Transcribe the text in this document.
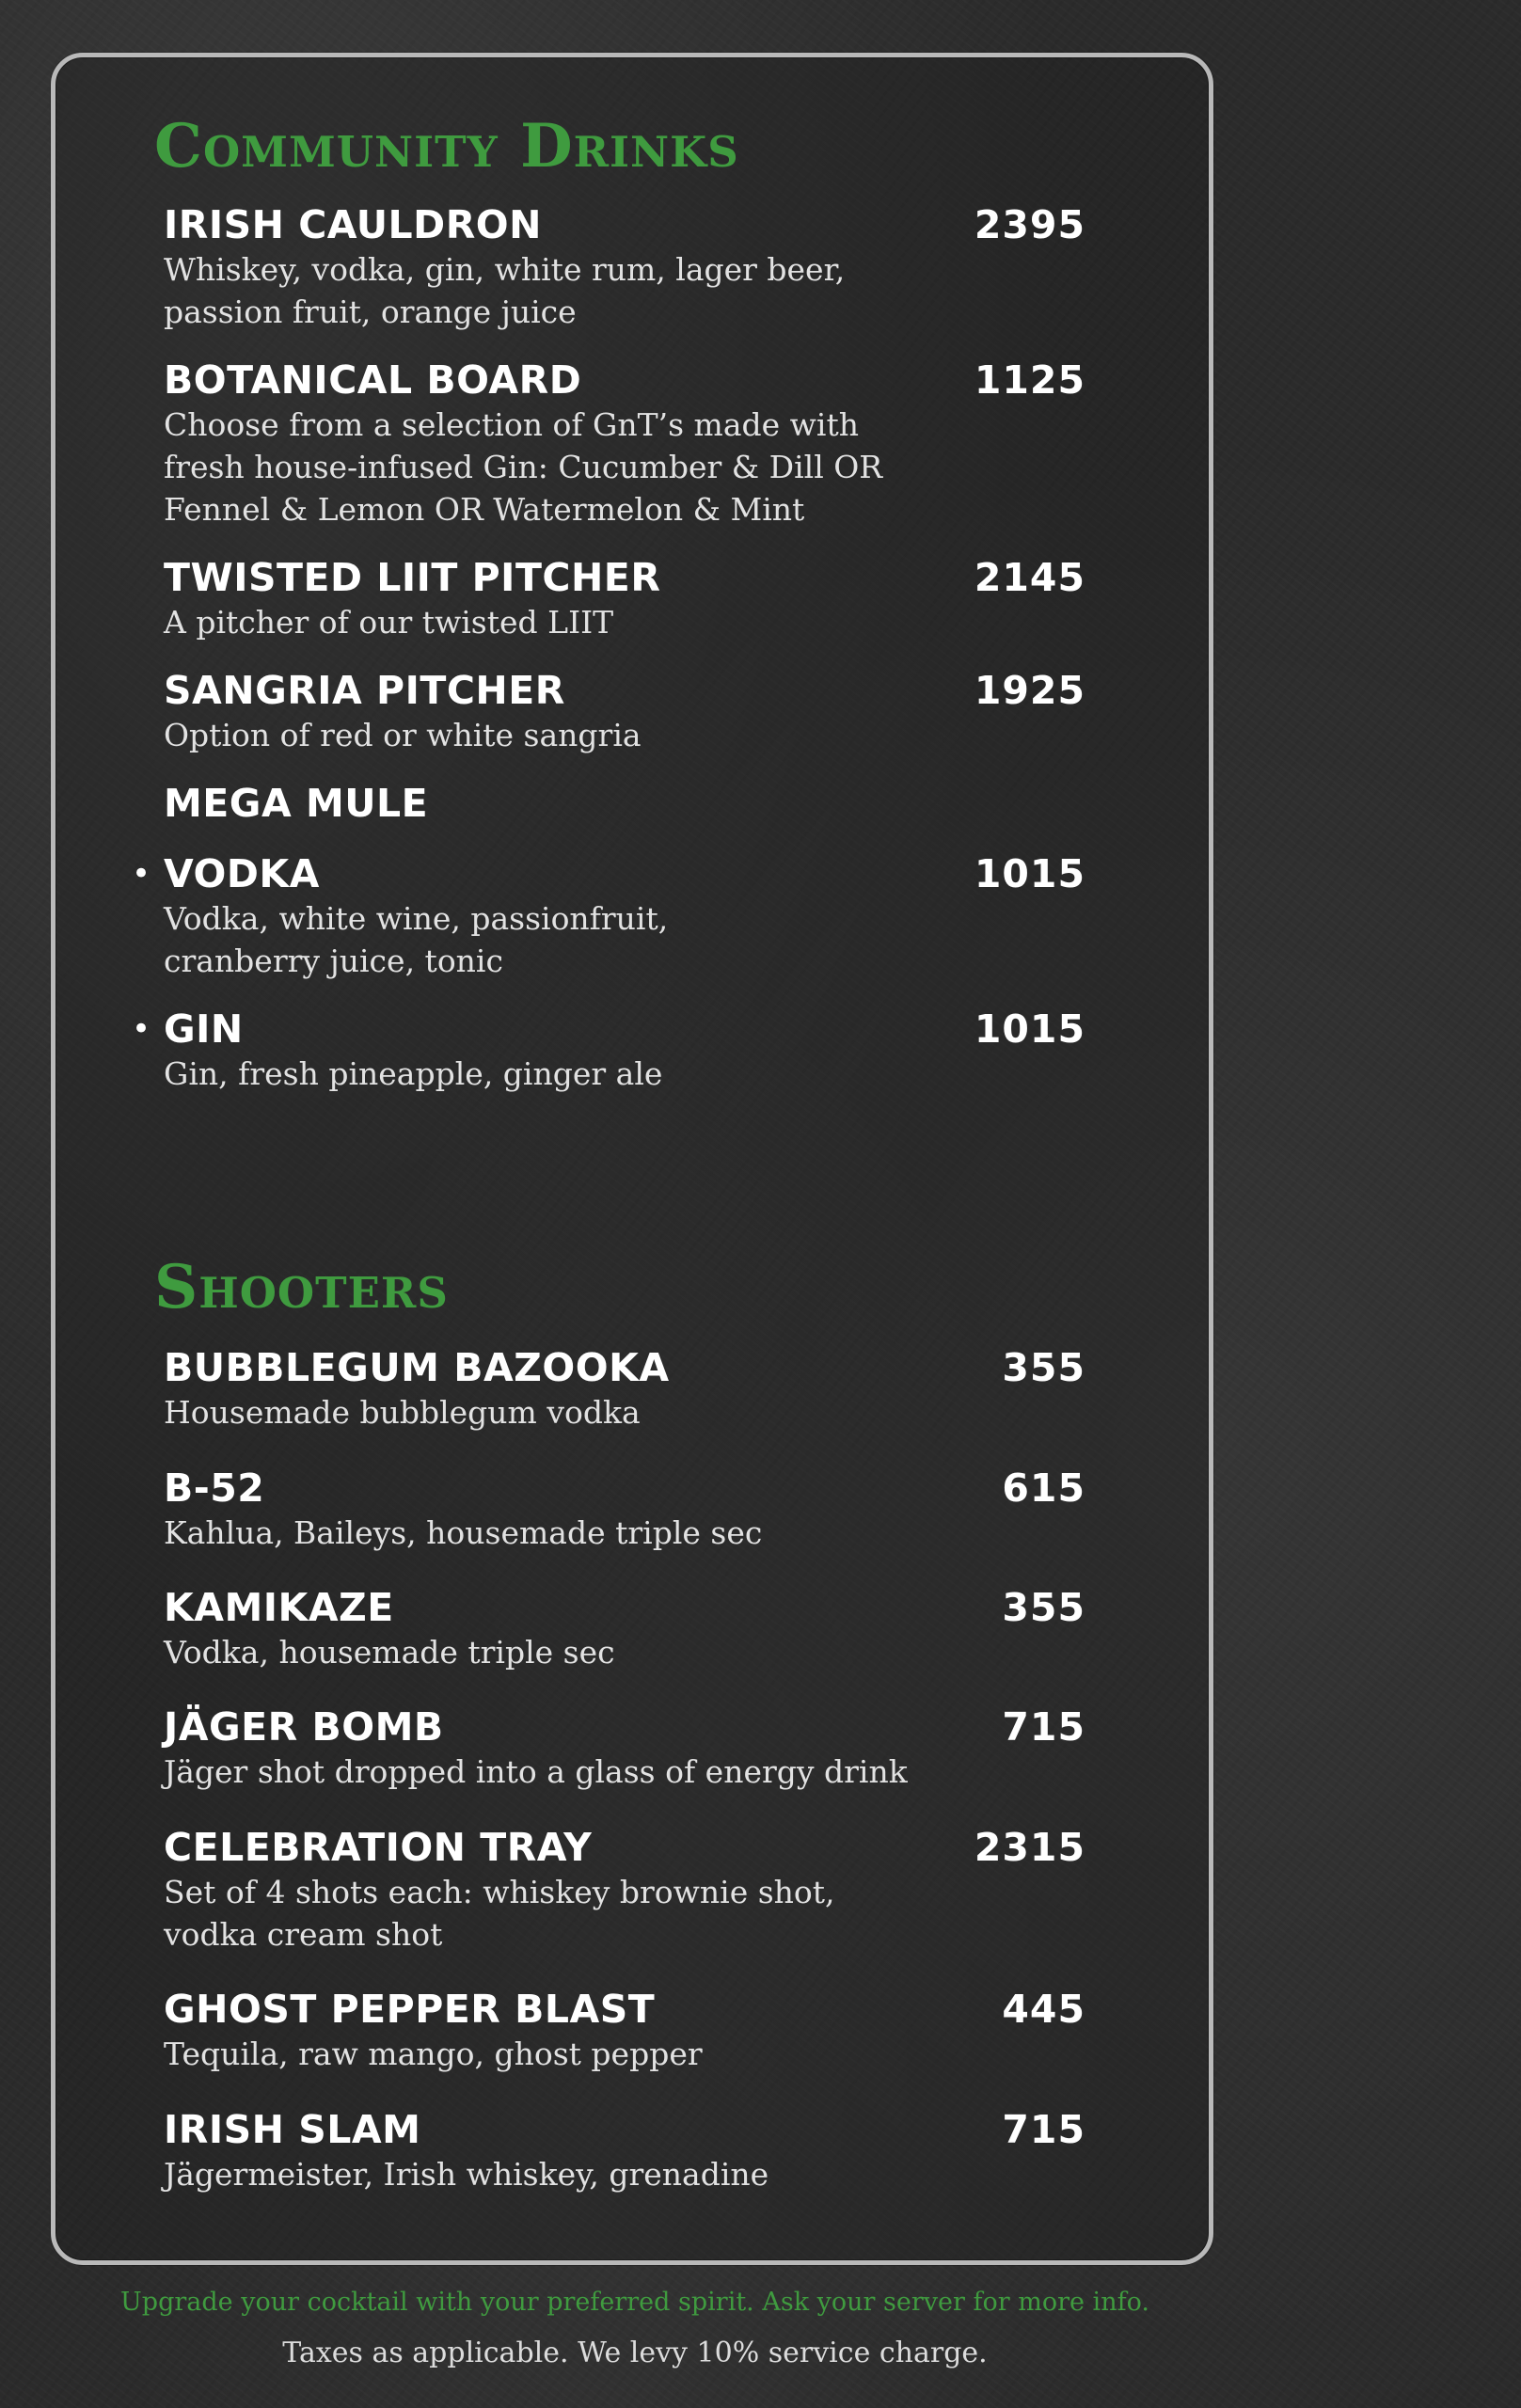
Community Drinks
IRISH CAULDRON	2395
Whiskey, vodka, gin, white rum, lager beer,
passion fruit, orange juice
BOTANICAL BOARD	1125
Choose from a selection of GnT’s made with
fresh house-infused Gin: Cucumber & Dill OR
Fennel & Lemon OR Watermelon & Mint
TWISTED LIIT PITCHER	2145
A pitcher of our twisted LIIT
SANGRIA PITCHER	1925
Option of red or white sangria
MEGA MULE
• VODKA	1015
Vodka, white wine, passionfruit,
cranberry juice, tonic
• GIN	1015
Gin, fresh pineapple, ginger ale
Shooters
BUBBLEGUM BAZOOKA	355
Housemade bubblegum vodka
B-52	615
Kahlua, Baileys, housemade triple sec
KAMIKAZE	355
Vodka, housemade triple sec
JÄGER BOMB	715
Jäger shot dropped into a glass of energy drink
CELEBRATION TRAY	2315
Set of 4 shots each: whiskey brownie shot,
vodka cream shot
GHOST PEPPER BLAST	445
Tequila, raw mango, ghost pepper
IRISH SLAM	715
Jägermeister, Irish whiskey, grenadine

Upgrade your cocktail with your preferred spirit. Ask your server for more info.

Taxes as applicable. We levy 10% service charge.
